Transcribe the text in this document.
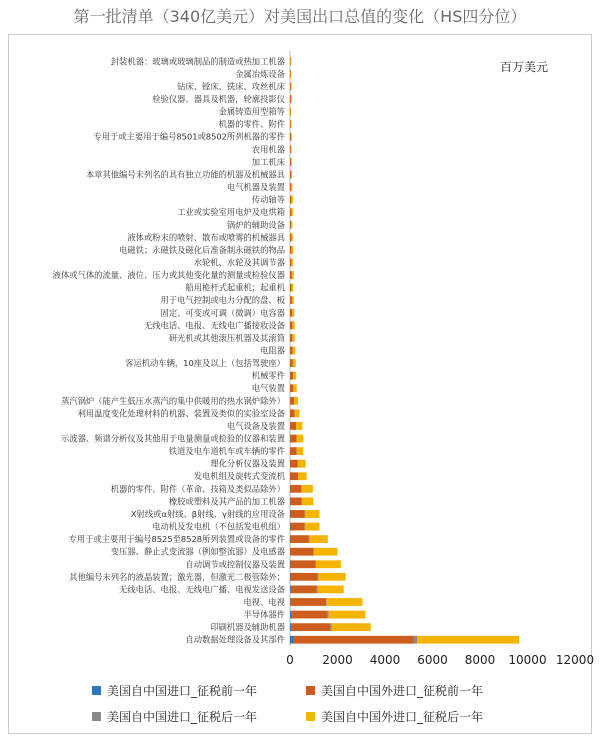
第一批清单（340亿美元）对美国出口总值的变化（HS四分位）
百万美元
封装机器：玻璃或玻璃制品的制造或热加工机器
金属冶炼设备
钻床、镗床、铣床、攻丝机床
检验仪器、器具及机器，轮廓投影仪
金属铸造用型箱等
机器的零件、附件
专用于或主要用于编号8501或8502所列机器的零件
农用机器
加工机床
本章其他编号未列名的具有独立功能的机器及机械器具
电气机器及装置
传动轴等
工业或实验室用电炉及电烘箱
锅炉的辅助设备
液体或粉末的喷射、散布或喷雾的机械器具
电磁铁；永磁铁及磁化后准备制永磁铁的物品
水轮机、水轮及其调节器
液体或气体的流量、液位、压力或其他变化量的测量或检验仪器
船用桅杆式起重机；起重机
用于电气控制或电力分配的盘、板
固定、可变或可调（微调）电容器
无线电话、电报、无线电广播接收设备
研光机或其他滚压机器及其滚筒
电阻器
客运机动车辆，10座及以上（包括驾驶座）
机械零件
电气装置
蒸汽锅炉（能产生低压水蒸汽的集中供暖用的热水锅炉除外）
利用温度变化处理材料的机器、装置及类似的实验室设备
电气设备及装置
示波器、频谱分析仪及其他用于电量测量或检验的仪器和装置
铁道及电车道机车或车辆的零件
理化分析仪器及装置
发电机组及旋转式变流机
机器的零件、附件（革命、技箱及类似品除外）
橡胶或塑料及其产品的加工机器
X射线或α射线、β射线、γ射线的应用设备
电动机及发电机（不包括发电机组）
专用于或主要用于编号8525至8528所列装置或设备的零件
变压器、静止式变流器（例如整流器）及电感器
自动调节或控制仪器及装置
其他编号未列名的液晶装置；激光器，但激光二极管除外；
无线电话、电报、无线电广播、电视发送设备
电视、电视
半导体器件
印刷机器及辅助机器
自动数据处理设备及其部件
0 2000 4000 6000 8000 10000 12000
美国自中国进口_征税前一年	美国自中国外进口_征税前一年
美国自中国进口_征税后一年	美国自中国外进口_征税后一年
